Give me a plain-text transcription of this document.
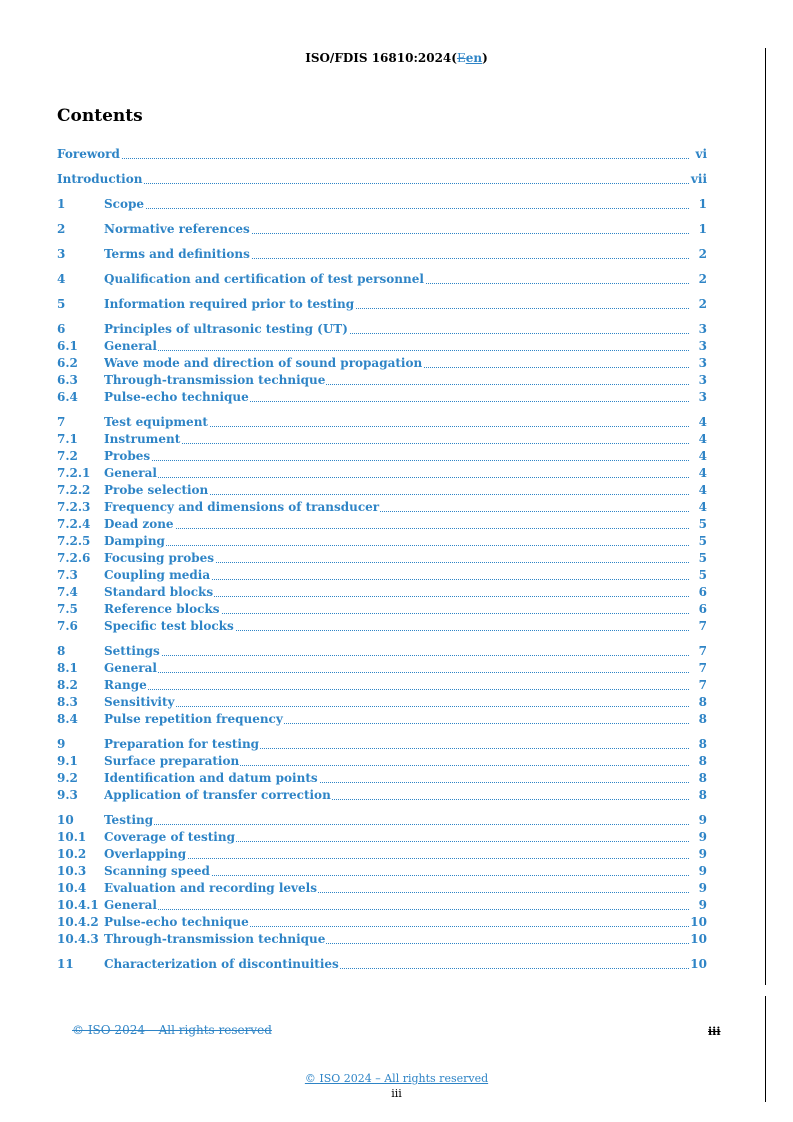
ISO/FDIS 16810:2024(Een)
Contents
Foreword	vi
Introduction	vii
1	Scope	1
2	Normative references	1
3	Terms and definitions	2
4	Qualification and certification of test personnel	2
5	Information required prior to testing	2
6	Principles of ultrasonic testing (UT)	3
6.1 General	3
6.2 Wave mode and direction of sound propagation	3
6.3 Through-transmission technique	3
6.4 Pulse-echo technique	3
7	Test equipment	4
7.1 Instrument	4
7.2 Probes	4
7.2.1 General	4
7.2.2 Probe selection	4
7.2.3 Frequency and dimensions of transducer	4
7.2.4 Dead zone	5
7.2.5 Damping	5
7.2.6 Focusing probes	5
7.3 Coupling media	5
7.4 Standard blocks	6
7.5 Reference blocks	6
7.6 Specific test blocks	7
8	Settings	7
8.1 General	7
8.2 Range	7
8.3 Sensitivity	8
8.4 Pulse repetition frequency	8
9	Preparation for testing	8
9.1 Surface preparation	8
9.2 Identification and datum points	8
9.3 Application of transfer correction	8
10	Testing	9
10.1 Coverage of testing	9
10.2 Overlapping	9
10.3 Scanning speed	9
10.4 Evaluation and recording levels	9
10.4.1 General	9
10.4.2 Pulse-echo technique	10
10.4.3 Through-transmission technique	10
11	Characterization of discontinuities	10
© ISO 2024 – All rights reserved	iii
© ISO 2024 – All rights reserved
iii
